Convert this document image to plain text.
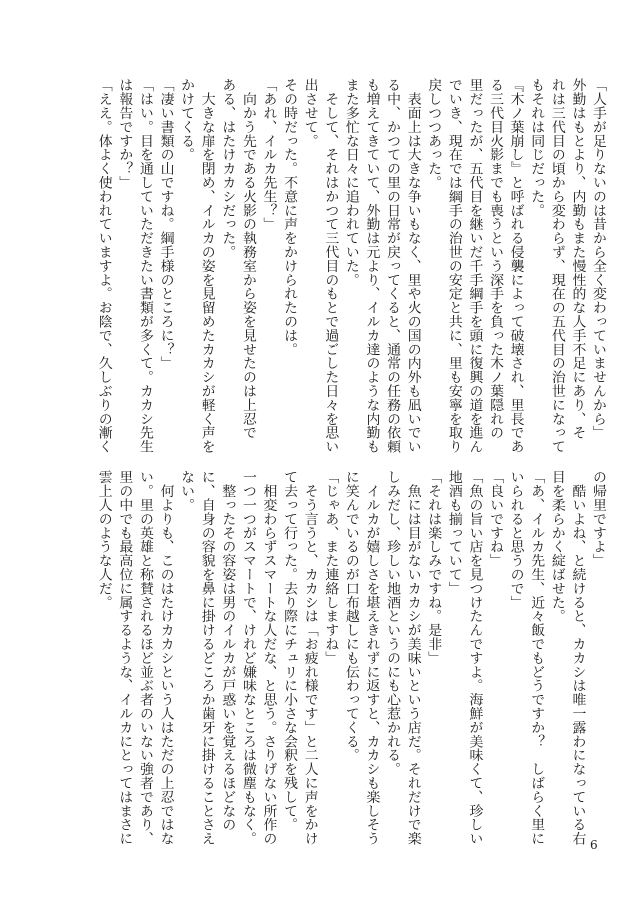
「人手が足りないのは昔から全く変わっていませんから」
外勤はもとより、内勤もまた慢性的な人手不足にあり、そ
れは三代目の頃から変わらず、現在の五代目の治世になって
もそれは同じだった。
『木ノ葉崩し』と呼ばれる侵襲によって破壊され、里長であ
る三代目火影までも喪うという深手を負った木ノ葉隠れの
里だったが、五代目を継いだ千手綱手を頭に復興の道を進ん
でいき、現在では綱手の治世の安定と共に、里も安寧を取り
戻しつつあった。
　表面上は大きな争いもなく、里や火の国の内外も凪いでい
る中、かつての里の日常が戻ってくると、通常の任務の依頼
も増えてきていて、外勤は元より、イルカ達のような内勤も
また多忙な日々に追われていた。
　そして、それはかつて三代目のもとで過ごした日々を思い
出させて。
その時だった。不意に声をかけられたのは。
「あれ、イルカ先生？」
　向かう先である火影の執務室から姿を見せたのは上忍で
ある、はたけカカシだった。
　大きな扉を閉め、イルカの姿を見留めたカカシが軽く声を
かけてくる。
「凄い書類の山ですね。綱手様のところに？」
「はい。目を通していただきたい書類が多くて。カカシ先生
は報告ですか？」
「ええ。体よく使われていますよ。お陰で、久しぶりの漸く
の帰里ですよ」
　酷いよね、と続けると、カカシは唯一露わになっている右
目を柔らかく綻ばせた。
「あ、イルカ先生、近々飯でもどうですか？　しばらく里に
いられると思うので」
「良いですね」
「魚の旨い店を見つけたんですよ。海鮮が美味くて、珍しい
地酒も揃っていて」
「それは楽しみですね。是非」
　魚には目がないカカシが美味いという店だ。それだけで楽
しみだし、珍しい地酒というのにも心惹かれる。
　イルカが嬉しさを堪えきれずに返すと、カカシも楽しそう
に笑んでいるのが口布越しにも伝わってくる。
「じゃあ、また連絡しますね」
　そう言うと、カカシは「お疲れ様です」と二人に声をかけ
て去って行った。去り際にチュリに小さな会釈を残して。
　相変わらずスマートな人だな、と思う。さりげない所作の
一つ一つがスマートで、けれど嫌味なところは微塵もなく。
　整ったその容姿は男のイルカが戸惑いを覚えるほどなの
に、自身の容貌を鼻に掛けるどころか歯牙に掛けることさえ
ない。
　何よりも、このはたけカカシという人はただの上忍ではな
い。里の英雄と称賛されるほど並ぶ者のいない強者であり、
里の中でも最高位に属するような、イルカにとってはまさに
雲上人のような人だ。
6
